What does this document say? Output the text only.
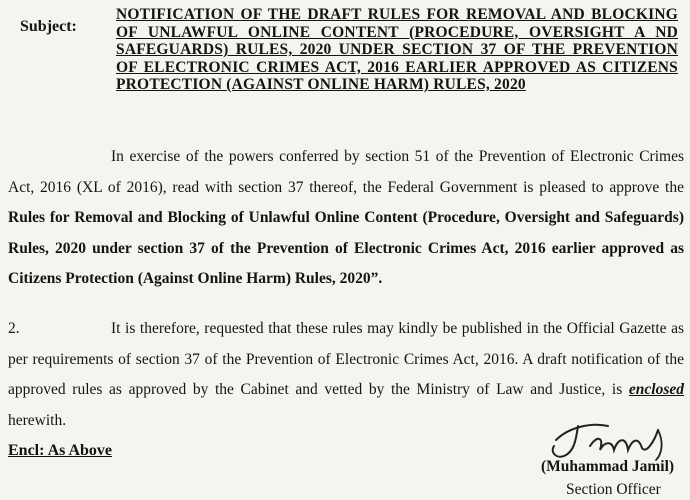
Subject:
NOTIFICATION OF THE DRAFT RULES FOR REMOVAL AND BLOCKING OF UNLAWFUL ONLINE CONTENT (PROCEDURE, OVERSIGHT A ND SAFEGUARDS) RULES, 2020 UNDER SECTION 37 OF THE PREVENTION OF ELECTRONIC CRIMES ACT, 2016 EARLIER APPROVED AS CITIZENS PROTECTION (AGAINST ONLINE HARM) RULES, 2020
In exercise of the powers conferred by section 51 of the Prevention of Electronic Crimes Act, 2016 (XL of 2016), read with section 37 thereof, the Federal Government is pleased to approve the Rules for Removal and Blocking of Unlawful Online Content (Procedure, Oversight and Safeguards) Rules, 2020 under section 37 of the Prevention of Electronic Crimes Act, 2016 earlier approved as Citizens Protection (Against Online Harm) Rules, 2020”.
2.	It is therefore, requested that these rules may kindly be published in the Official Gazette as per requirements of section 37 of the Prevention of Electronic Crimes Act, 2016. A draft notification of the approved rules as approved by the Cabinet and vetted by the Ministry of Law and Justice, is enclosed herewith.
Encl: As Above
(Muhammad Jamil)
Section Officer
